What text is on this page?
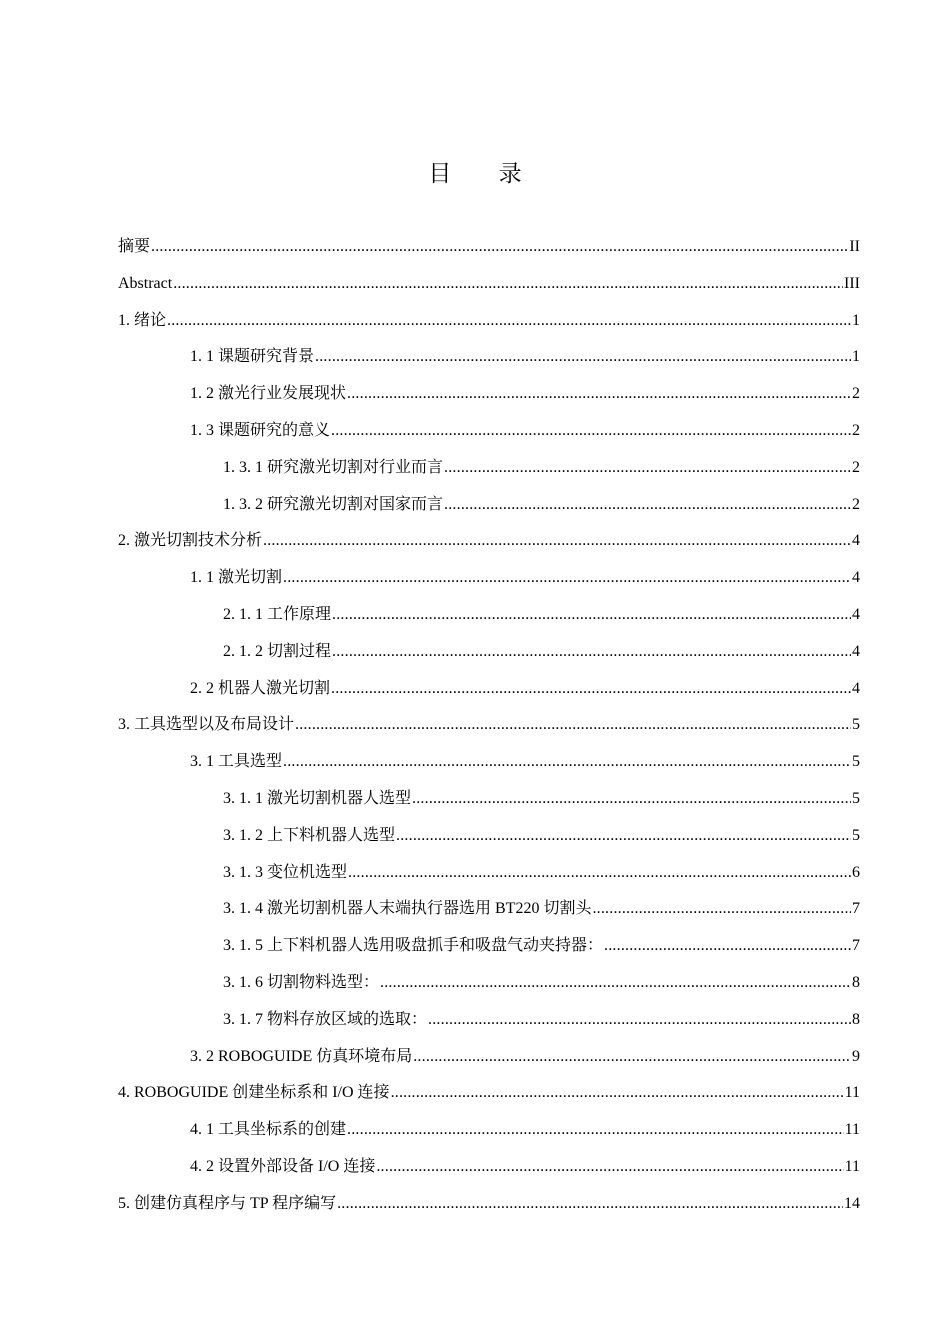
目 录
摘要 .....	II
Abstract .....	III
1. 绪论 .....	1
1. 1 课题研究背景 .....	1
1. 2 激光行业发展现状 .....	2
1. 3 课题研究的意义 .....	2
1. 3. 1 研究激光切割对行业而言 .....	2
1. 3. 2 研究激光切割对国家而言 .....	2
2. 激光切割技术分析 .....	4
1. 1 激光切割 .....	4
2. 1. 1 工作原理 .....	4
2. 1. 2 切割过程 .....	4
2. 2 机器人激光切割 .....	4
3. 工具选型以及布局设计 .....	5
3. 1 工具选型 .....	5
3. 1. 1 激光切割机器人选型 .....	5
3. 1. 2 上下料机器人选型 .....	5
3. 1. 3 变位机选型 .....	6
3. 1. 4 激光切割机器人末端执行器选用 BT220 切割头 .....	7
3. 1. 5 上下料机器人选用吸盘抓手和吸盘气动夹持器： .....	7
3. 1. 6 切割物料选型： .....	8
3. 1. 7 物料存放区域的选取： .....	8
3. 2 ROBOGUIDE 仿真环境布局 .....	9
4. ROBOGUIDE 创建坐标系和 I/O 连接 .....	11
4. 1 工具坐标系的创建 .....	11
4. 2 设置外部设备 I/O 连接 .....	11
5. 创建仿真程序与 TP 程序编写 .....	14
